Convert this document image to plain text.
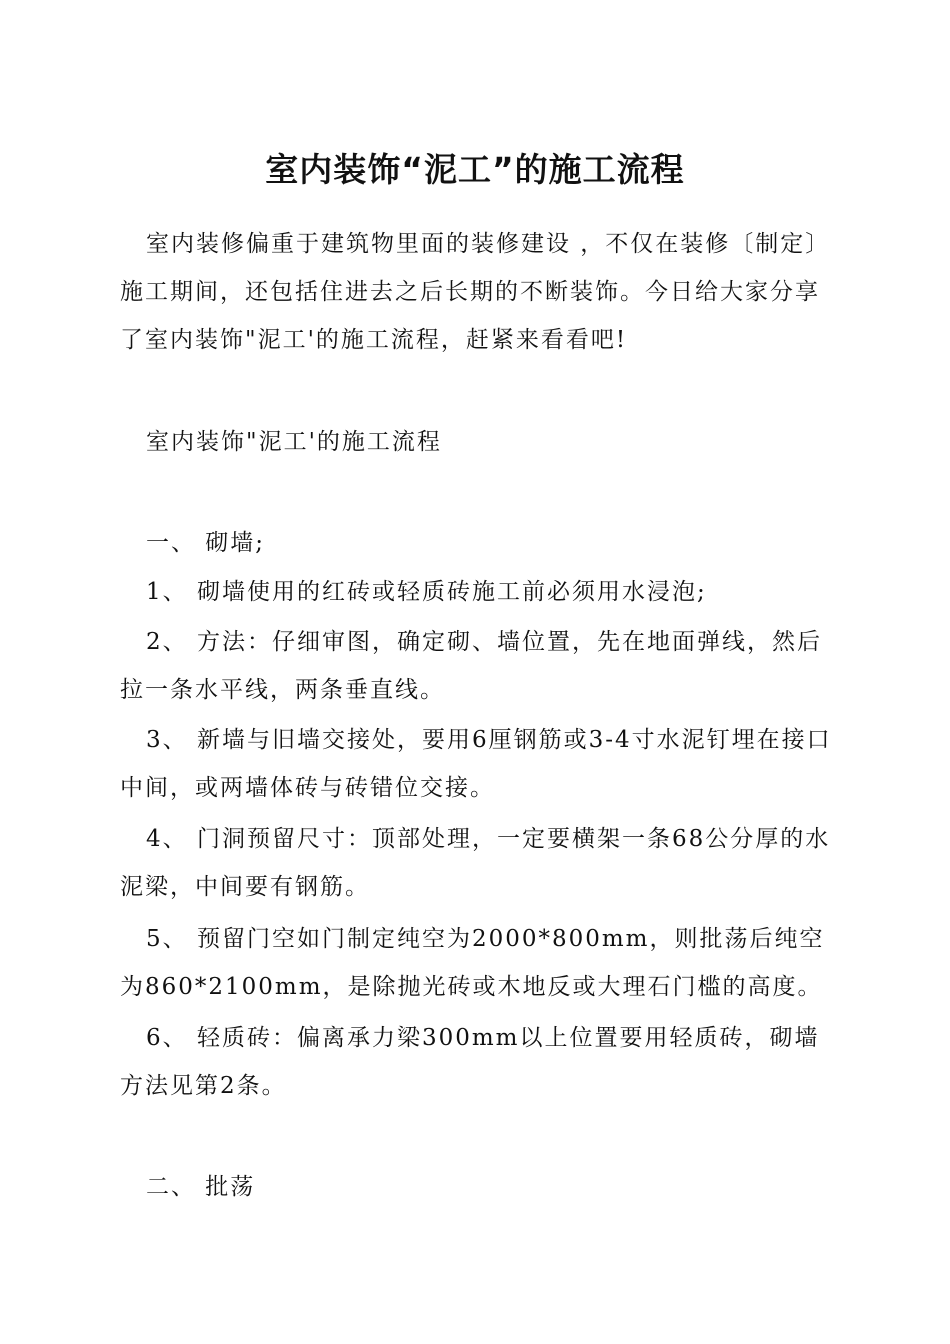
室内装饰“泥工”的施工流程
室内装修偏重于建筑物里面的装修建设 ，不仅在装修〔制定〕施工期间，还包括住进去之后长期的不断装饰。今日给大家分享了室内装饰"泥工'的施工流程，赶紧来看看吧!
室内装饰"泥工'的施工流程
一、 砌墙;
1、 砌墙使用的红砖或轻质砖施工前必须用水浸泡;
2、 方法：仔细审图，确定砌、墙位置，先在地面弹线，然后拉一条水平线，两条垂直线。
3、 新墙与旧墙交接处，要用6厘钢筋或3-4寸水泥钉埋在接口中间，或两墙体砖与砖错位交接。
4、 门洞预留尺寸：顶部处理，一定要横架一条68公分厚的水泥梁，中间要有钢筋。
5、 预留门空如门制定纯空为2000*800mm，则批荡后纯空为860*2100mm，是除抛光砖或木地反或大理石门槛的高度。
6、 轻质砖：偏离承力梁300mm以上位置要用轻质砖，砌墙方法见第2条。
二、 批荡
